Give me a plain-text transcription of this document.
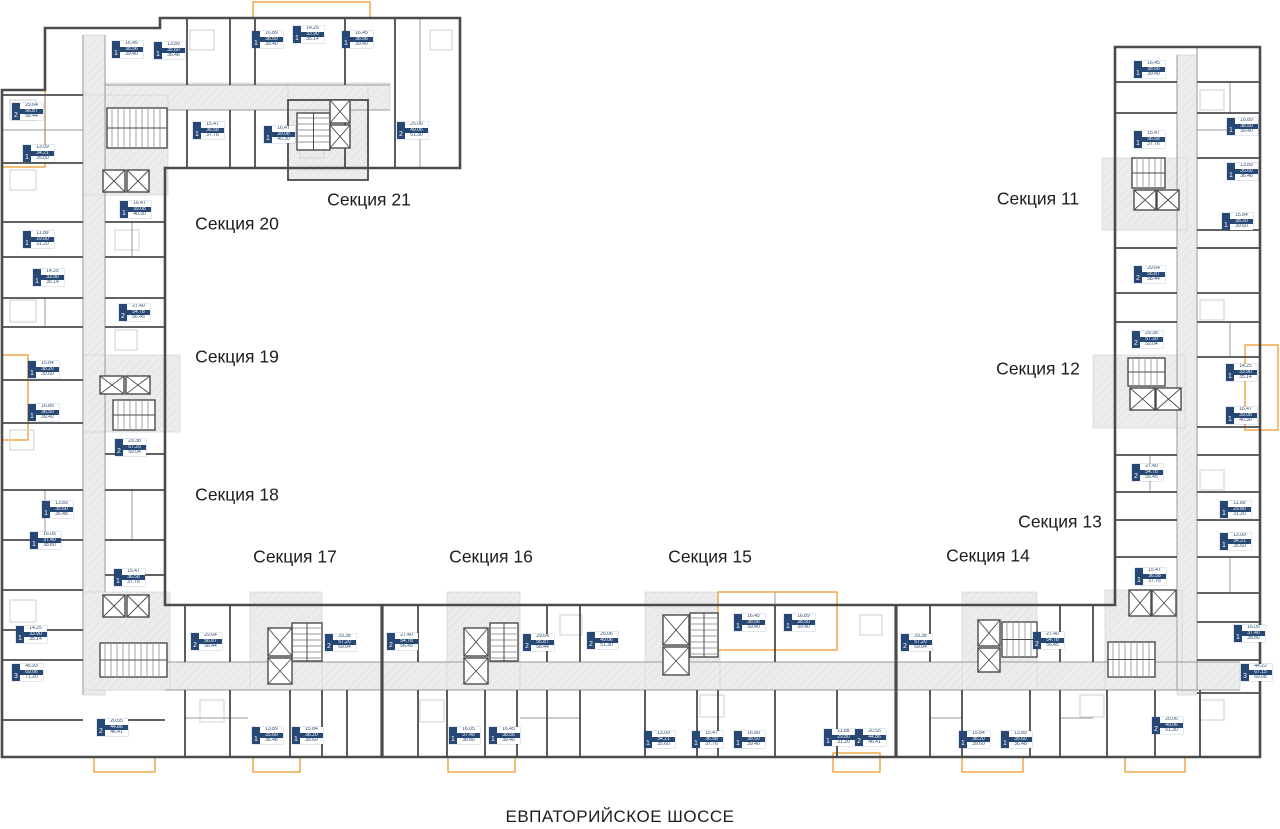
Секция 11
Секция 12
Секция 13
Секция 14
Секция 15
Секция 16
Секция 17
Секция 18
Секция 19
Секция 20
Секция 21
1
16.45
38.56
39.40	1
13.89
35.60
36.48
1
15.47
36.58
37.76
1
16.89
38.50
39.40
1
14.25
33.90
35.14
1
16.45
38.56
39.40
1
16.47
39.08
40.30
2
25.06
49.06
51.30
2
29.64
56.87
58.44
1
13.09
34.21
35.60
1
16.47
39.08
40.30
1
11.89
29.80
31.20
1
14.25
33.90
35.14
2
27.40
54.78
56.45
1
15.84
38.20
39.60
1
16.89
38.50
39.40
2
29.38
57.20
59.04
1
13.89
35.60
36.48
1
16.05
37.40
38.80
1
15.47
36.58
37.76
1
14.25
33.90
35.14
3
45.93
69.06
71.20
2
20.55
44.86
46.41
2
29.64
56.87
58.44	2
29.38
57.20
59.04	2
27.40
54.78
56.45	2
29.64
56.87
58.44	2
25.06
49.06
51.30
1
16.45
38.56
39.40	1
16.89
38.50
39.40
2
29.38
57.20
59.04	2
27.40
54.78
56.45
1
13.89
35.60
36.48	1
15.84
38.20
39.60	1
16.05
37.40
38.80	1
16.45
38.56
39.40	1
13.09
34.21
35.60	1
15.47
36.58
37.76	1
16.89
38.50
39.40	1
11.89
29.80
31.20	2
20.55
44.86
46.41	1
15.84
38.20
39.60	1
13.89
35.60
36.48
2
25.06
49.06
51.30
1
16.45
38.56
39.40
1
16.89
38.50
39.40
1
15.47
36.58
37.76
1
13.89
35.60
36.48
1
15.84
38.20
39.60
2
29.64
56.87
58.44
2
29.38
57.20
59.04
1
14.25
33.90
35.14
1
16.47
39.08
40.30
2
27.40
54.78
56.45
1
11.89
29.80
31.20
1
13.09
34.21
35.60
1
15.47
36.58
37.76
1
16.05
37.40
38.80
3
44.22
67.15
69.08
ЕВПАТОРИЙСКОЕ ШОССЕ
